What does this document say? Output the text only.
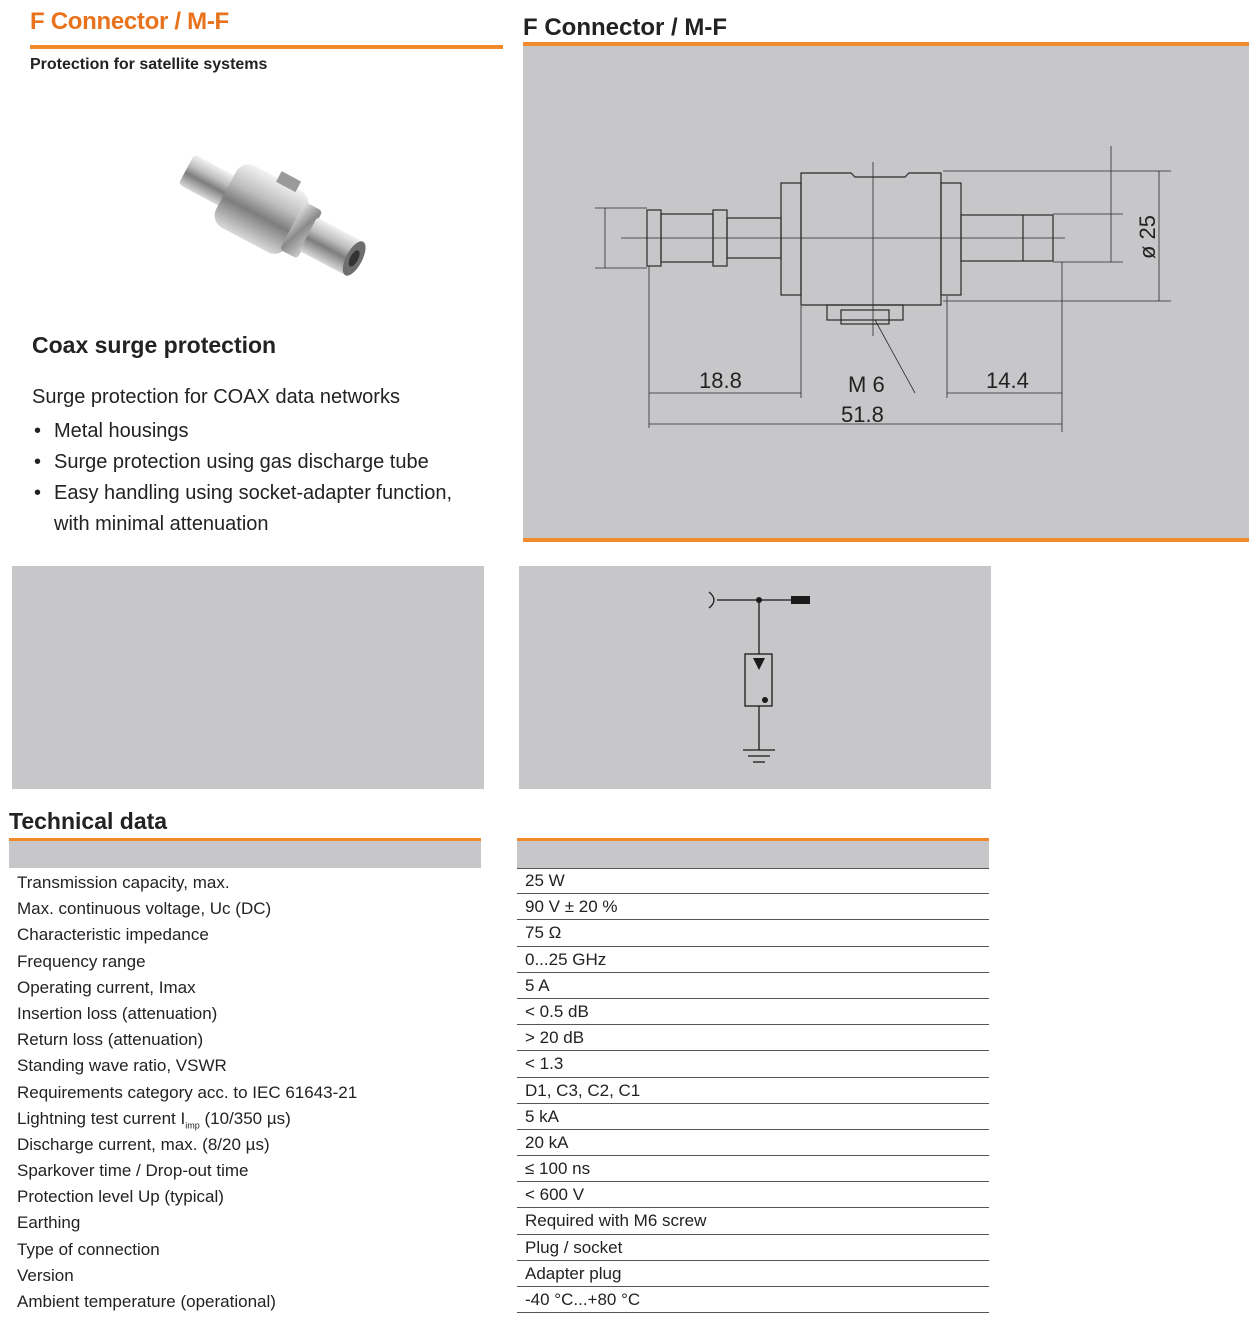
F Connector / M-F
Protection for satellite systems
Coax surge protection
Surge protection for COAX data networks
• Metal housings
• Surge protection using gas discharge tube
• Easy handling using socket-adapter function, with minimal attenuation
F Connector / M-F
18.8
51.8
14.4
M 6
ø 25
Technical data
Transmission capacity, max.
Max. continuous voltage, Uc (DC)
Characteristic impedance
Frequency range
Operating current, Imax
Insertion loss (attenuation)
Return loss (attenuation)
Standing wave ratio, VSWR
Requirements category acc. to IEC 61643-21
Lightning test current $I_{imp}$ (10/350 µs)
Discharge current, max. (8/20 µs)
Sparkover time / Drop-out time
Protection level Up (typical)
Earthing
Type of connection
Version
Ambient temperature (operational)
25 W
90 V ± 20 %
75 Ω
0...25 GHz
5 A
< 0.5 dB
> 20 dB
< 1.3
D1, C3, C2, C1
5 kA
20 kA
≤ 100 ns
< 600 V
Required with M6 screw
Plug / socket
Adapter plug
-40 °C...+80 °C
